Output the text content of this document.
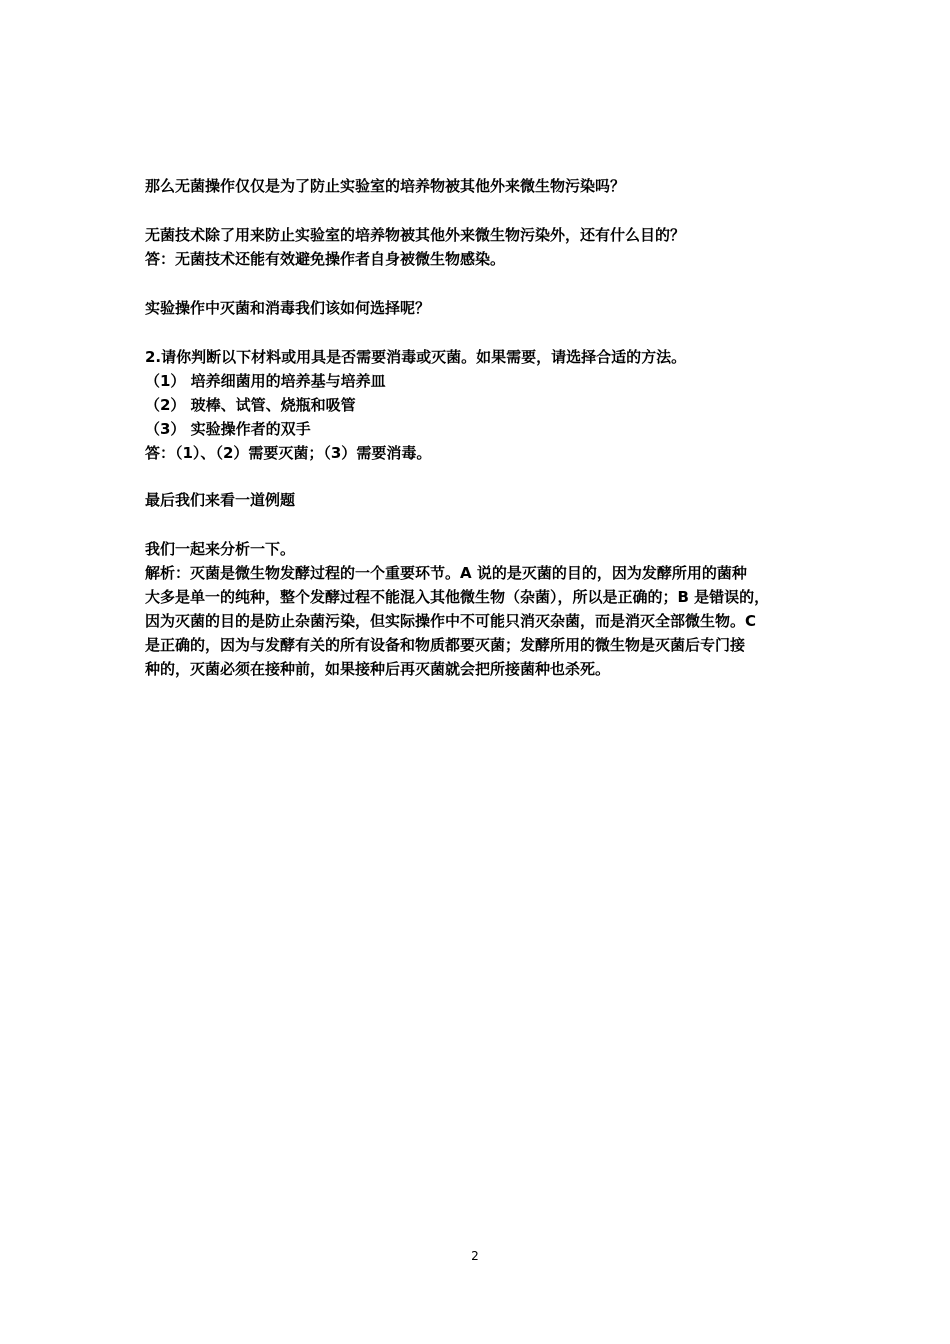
那么无菌操作仅仅是为了防止实验室的培养物被其他外来微生物污染吗？

无菌技术除了用来防止实验室的培养物被其他外来微生物污染外，还有什么目的？

答：无菌技术还能有效避免操作者自身被微生物感染。

实验操作中灭菌和消毒我们该如何选择呢？

2.请你判断以下材料或用具是否需要消毒或灭菌。如果需要，请选择合适的方法。

（1） 培养细菌用的培养基与培养皿

（2） 玻棒、试管、烧瓶和吸管

（3） 实验操作者的双手

答：（1）、（2）需要灭菌；（3）需要消毒。

最后我们来看一道例题

我们一起来分析一下。

解析：灭菌是微生物发酵过程的一个重要环节。A 说的是灭菌的目的，因为发酵所用的菌种

大多是单一的纯种，整个发酵过程不能混入其他微生物（杂菌），所以是正确的；B 是错误的，

因为灭菌的目的是防止杂菌污染，但实际操作中不可能只消灭杂菌，而是消灭全部微生物。C

是正确的，因为与发酵有关的所有设备和物质都要灭菌；发酵所用的微生物是灭菌后专门接

种的，灭菌必须在接种前，如果接种后再灭菌就会把所接菌种也杀死。

2
